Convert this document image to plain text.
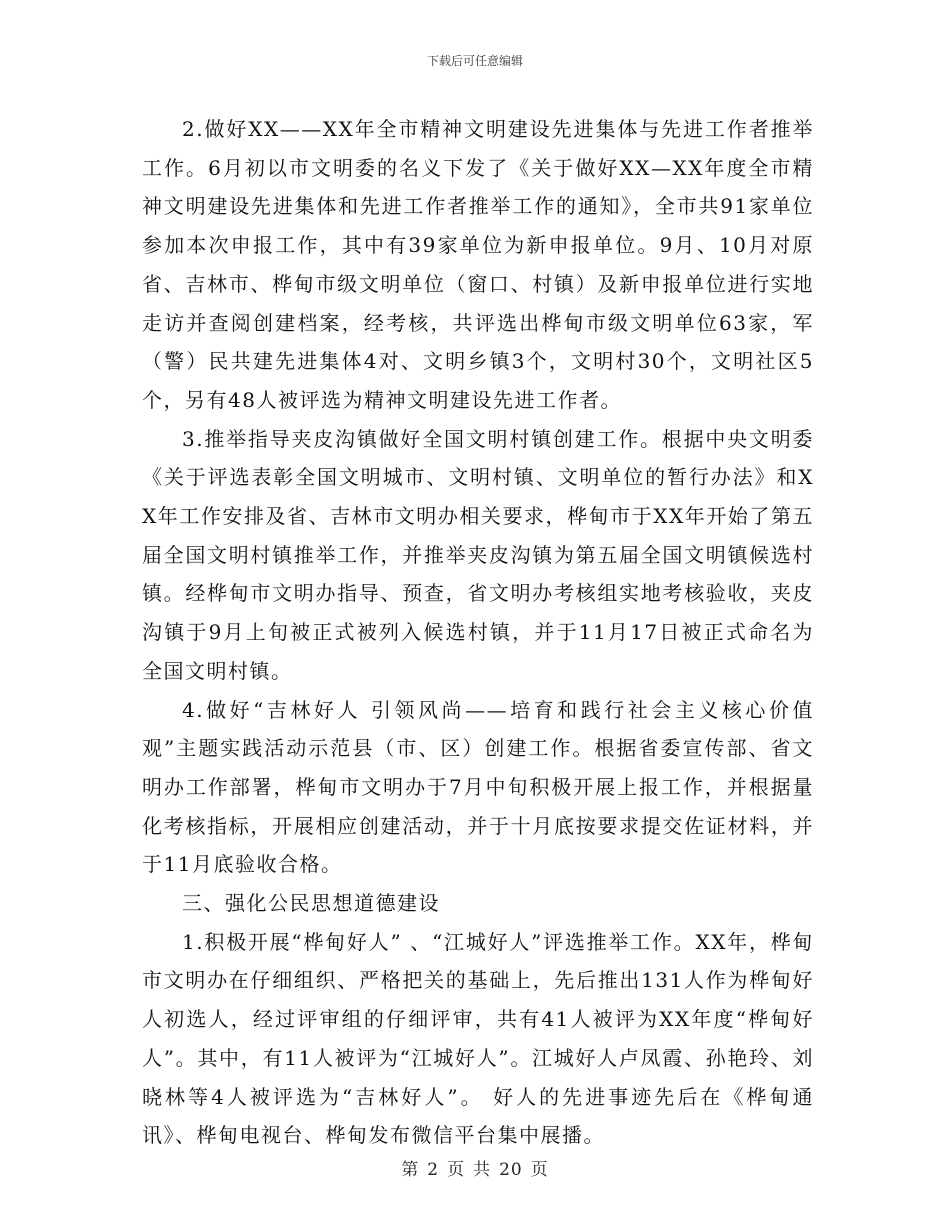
下载后可任意编辑

2.做好XX——XX年全市精神文明建设先进集体与先进工作者推举工作。6月初以市文明委的名义下发了《关于做好XX—XX年度全市精神文明建设先进集体和先进工作者推举工作的通知》，全市共91家单位参加本次申报工作，其中有39家单位为新申报单位。9月、10月对原省、吉林市、桦甸市级文明单位（窗口、村镇）及新申报单位进行实地走访并查阅创建档案，经考核，共评选出桦甸市级文明单位63家，军（警）民共建先进集体4对、文明乡镇3个，文明村30个，文明社区5个，另有48人被评选为精神文明建设先进工作者。

3.推举指导夹皮沟镇做好全国文明村镇创建工作。根据中央文明委《关于评选表彰全国文明城市、文明村镇、文明单位的暂行办法》和XX年工作安排及省、吉林市文明办相关要求，桦甸市于XX年开始了第五届全国文明村镇推举工作，并推举夹皮沟镇为第五届全国文明镇候选村镇。经桦甸市文明办指导、预查，省文明办考核组实地考核验收，夹皮沟镇于9月上旬被正式被列入候选村镇，并于11月17日被正式命名为全国文明村镇。

4.做好“吉林好人 引领风尚——培育和践行社会主义核心价值观”主题实践活动示范县（市、区）创建工作。根据省委宣传部、省文明办工作部署，桦甸市文明办于7月中旬积极开展上报工作，并根据量化考核指标，开展相应创建活动，并于十月底按要求提交佐证材料，并于11月底验收合格。

三、强化公民思想道德建设

1.积极开展“桦甸好人” 、“江城好人”评选推举工作。XX年，桦甸市文明办在仔细组织、严格把关的基础上，先后推出131人作为桦甸好人初选人，经过评审组的仔细评审，共有41人被评为XX年度“桦甸好人”。其中，有11人被评为“江城好人”。江城好人卢凤霞、孙艳玲、刘晓林等4人被评选为“吉林好人”。 好人的先进事迹先后在《桦甸通讯》、桦甸电视台、桦甸发布微信平台集中展播。

第 2 页 共 20 页
